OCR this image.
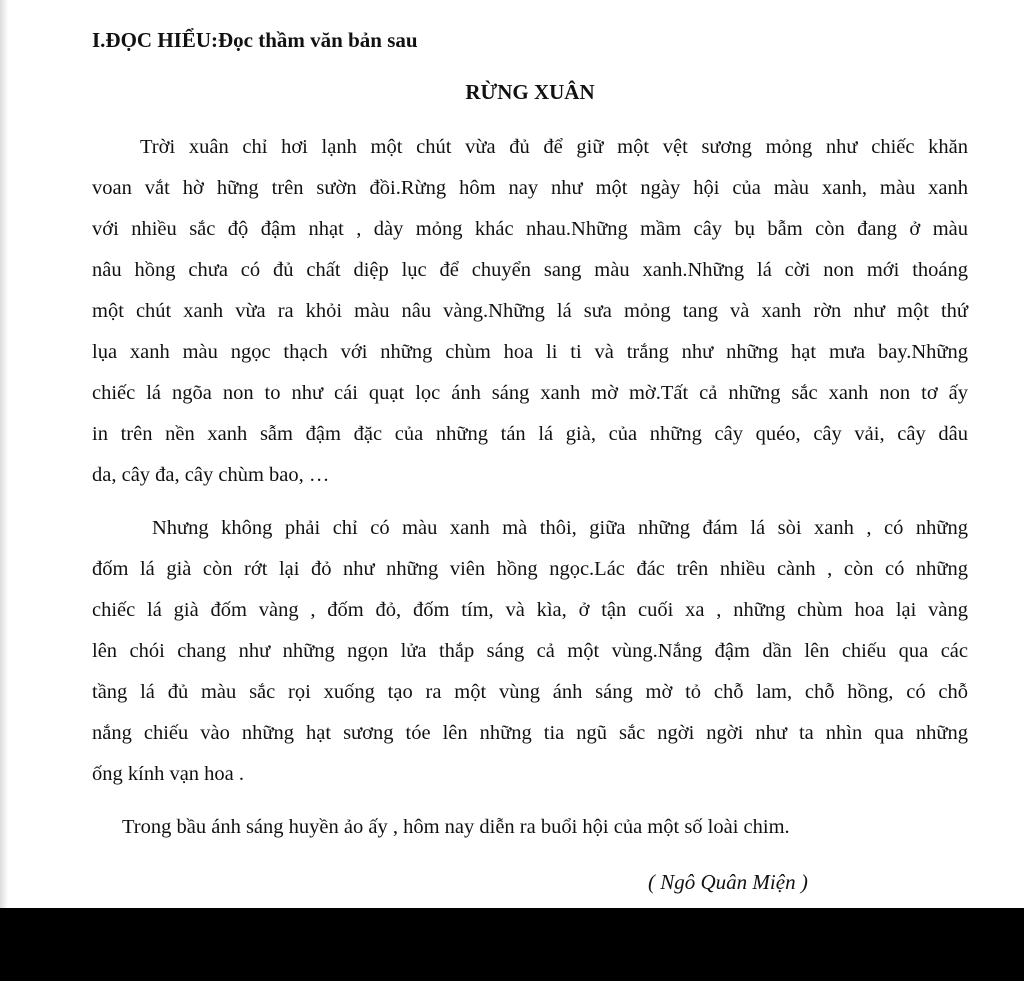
I.ĐỌC HIỂU:Đọc thầm văn bản sau
RỪNG XUÂN
Trời xuân chỉ hơi lạnh một chút vừa đủ để giữ một vệt sương mỏng như chiếc khăn
voan vắt hờ hững trên sườn đồi.Rừng hôm nay như một ngày hội của màu xanh, màu xanh
với nhiều sắc độ đậm nhạt , dày mỏng khác nhau.Những mầm cây bụ bẫm còn đang ở màu
nâu hồng chưa có đủ chất diệp lục để chuyển sang màu xanh.Những lá cời non mới thoáng
một chút xanh vừa ra khỏi màu nâu vàng.Những lá sưa mỏng tang và xanh rờn như một thứ
lụa xanh màu ngọc thạch với những chùm hoa li ti và trắng như những hạt mưa bay.Những
chiếc lá ngõa non to như cái quạt lọc ánh sáng xanh mờ mờ.Tất cả những sắc xanh non tơ ấy
in trên nền xanh sẫm đậm đặc của những tán lá già, của những cây quéo, cây vải, cây dâu
da, cây đa, cây chùm bao, …
Nhưng không phải chỉ có màu xanh mà thôi, giữa những đám lá sòi xanh , có những
đốm lá già còn rớt lại đỏ như những viên hồng ngọc.Lác đác trên nhiều cành , còn có những
chiếc lá già đốm vàng , đốm đỏ, đốm tím, và kìa, ở tận cuối xa , những chùm hoa lại vàng
lên chói chang như những ngọn lửa thắp sáng cả một vùng.Nắng đậm dần lên chiếu qua các
tầng lá đủ màu sắc rọi xuống tạo ra một vùng ánh sáng mờ tỏ chỗ lam, chỗ hồng, có chỗ
nắng chiếu vào những hạt sương tóe lên những tia ngũ sắc ngời ngời như ta nhìn qua những
ống kính vạn hoa .
Trong bầu ánh sáng huyền ảo ấy , hôm nay diễn ra buổi hội của một số loài chim.
( Ngô Quân Miện )
